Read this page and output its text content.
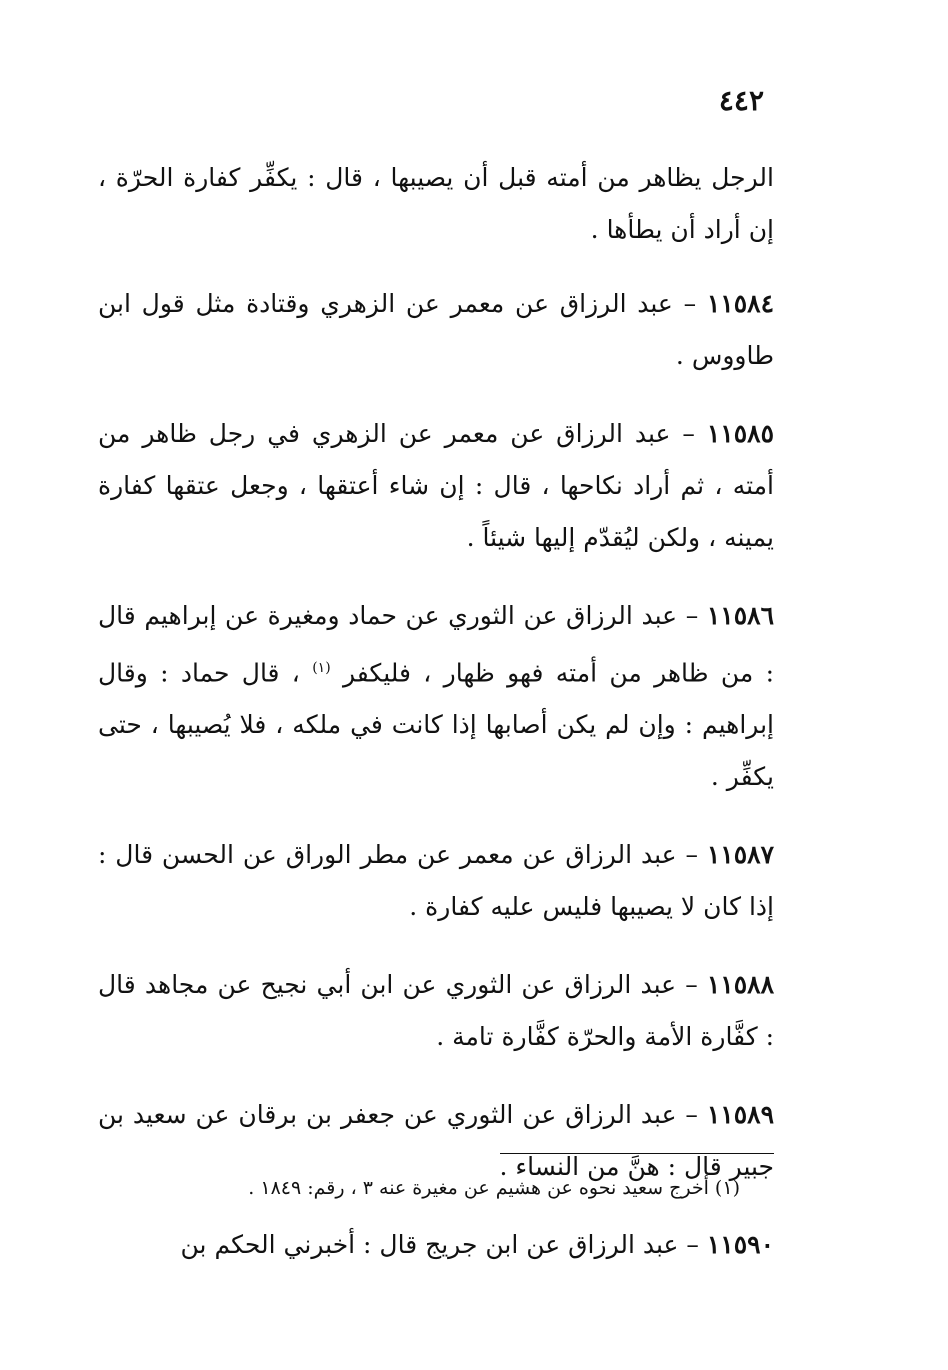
٤٤٢

الرجل يظاهر من أمته قبل أن يصيبها ، قال : يكفِّر كفارة الحرّة ، إن أراد أن يطأها .

١١٥٨٤ – عبد الرزاق عن معمر عن الزهري وقتادة مثل قول ابن طاووس .

١١٥٨٥ – عبد الرزاق عن معمر عن الزهري في رجل ظاهر من أمته ، ثم أراد نكاحها ، قال : إن شاء أعتقها ، وجعل عتقها كفارة يمينه ، ولكن ليُقدّم إليها شيئاً .

١١٥٨٦ – عبد الرزاق عن الثوري عن حماد ومغيرة عن إبراهيم قال : من ظاهر من أمته فهو ظهار ، فليكفر $^{(١)}$ ، قال حماد : وقال إبراهيم : وإن لم يكن أصابها إذا كانت في ملكه ، فلا يُصيبها ، حتى يكفِّر .

١١٥٨٧ – عبد الرزاق عن معمر عن مطر الوراق عن الحسن قال : إذا كان لا يصيبها فليس عليه كفارة .

١١٥٨٨ – عبد الرزاق عن الثوري عن ابن أبي نجيح عن مجاهد قال : كفَّارة الأمة والحرّة كفَّارة تامة .

١١٥٨٩ – عبد الرزاق عن الثوري عن جعفر بن برقان عن سعيد بن جبير قال : هنَّ من النساء .

١١٥٩٠ – عبد الرزاق عن ابن جريج قال : أخبرني الحكم بن

(١) أخرج سعيد نحوه عن هشيم عن مغيرة عنه ٣ ، رقم: ١٨٤٩ .
